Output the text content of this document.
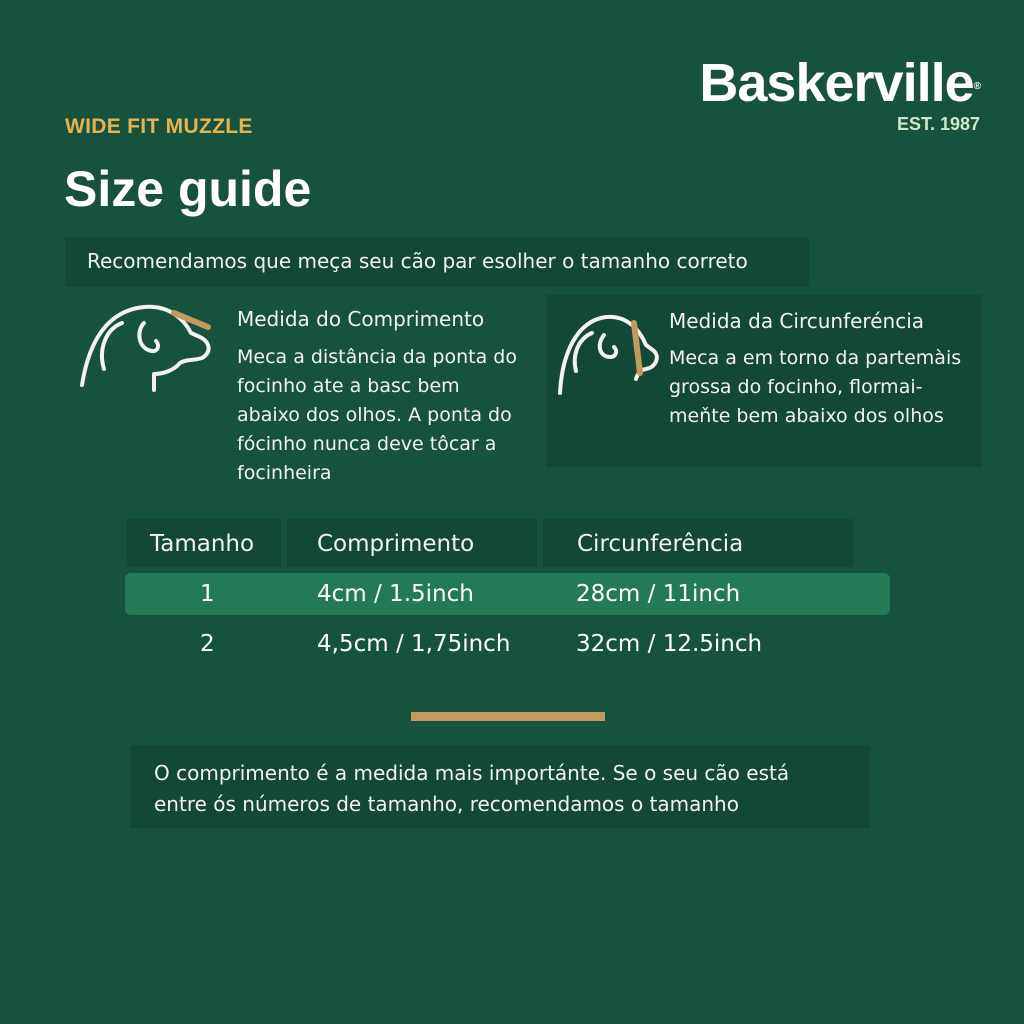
Baskerville®
EST. 1987
WIDE FIT MUZZLE
Size guide
Recomendamos que meça seu cão par esolher o tamanho correto
Medida do Comprimento
Meca a distância da ponta do focinho ate a basc bem abaixo dos olhos. A ponta do fócinho nunca deve tôcar a focinheira
Medida da Circunferéncia
Meca a em torno da partemàis grossa do focinho, flormai- meňte bem abaixo dos olhos
Tamanho	Comprimento	Circunferência
1	4cm / 1.5inch	28cm / 11inch
2	4,5cm / 1,75inch	32cm / 12.5inch
O comprimento é a medida mais importánte. Se o seu cão está entre ós números de tamanho, recomendamos o tamanho
